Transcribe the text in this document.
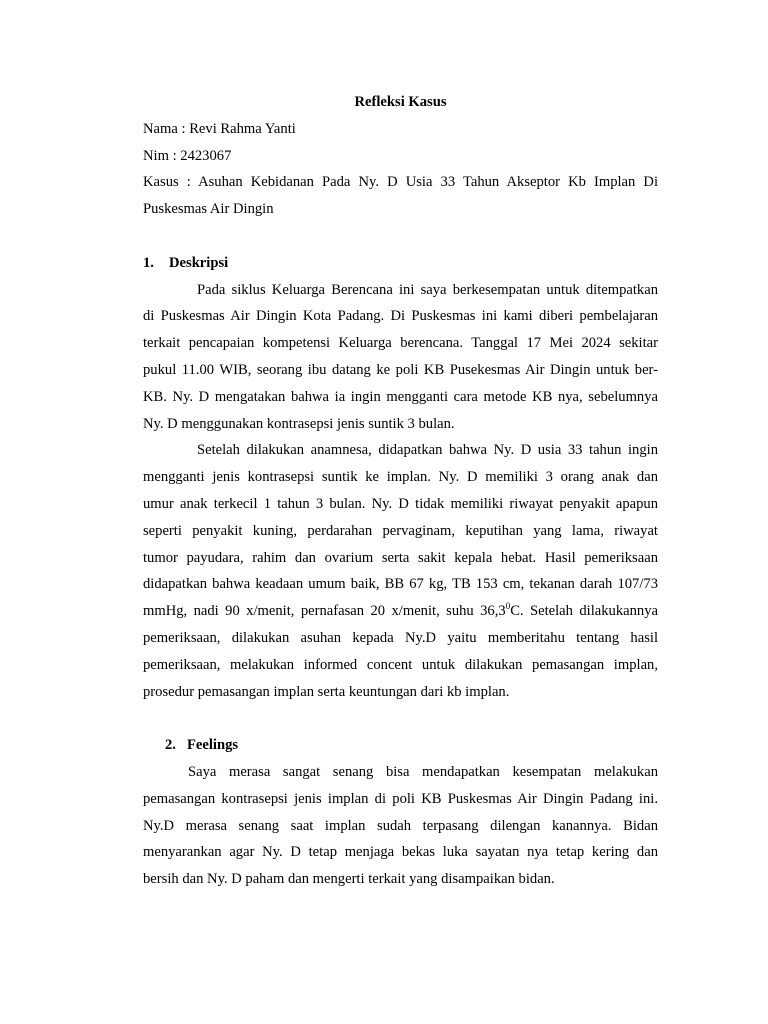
Refleksi Kasus
Nama : Revi Rahma Yanti
Nim : 2423067
Kasus : Asuhan Kebidanan Pada Ny. D Usia 33 Tahun Akseptor Kb Implan Di
Puskesmas Air Dingin
1. Deskripsi
Pada siklus Keluarga Berencana ini saya berkesempatan untuk ditempatkan
di Puskesmas Air Dingin Kota Padang. Di Puskesmas ini kami diberi pembelajaran
terkait pencapaian kompetensi Keluarga berencana. Tanggal 17 Mei 2024 sekitar
pukul 11.00 WIB, seorang ibu datang ke poli KB Pusekesmas Air Dingin untuk ber-
KB. Ny. D mengatakan bahwa ia ingin mengganti cara metode KB nya, sebelumnya
Ny. D menggunakan kontrasepsi jenis suntik 3 bulan.
Setelah dilakukan anamnesa, didapatkan bahwa Ny. D usia 33 tahun ingin
mengganti jenis kontrasepsi suntik ke implan. Ny. D memiliki 3 orang anak dan
umur anak terkecil 1 tahun 3 bulan. Ny. D tidak memiliki riwayat penyakit apapun
seperti penyakit kuning, perdarahan pervaginam, keputihan yang lama, riwayat
tumor payudara, rahim dan ovarium serta sakit kepala hebat. Hasil pemeriksaan
didapatkan bahwa keadaan umum baik, BB 67 kg, TB 153 cm, tekanan darah 107/73
mmHg, nadi 90 x/menit, pernafasan 20 x/menit, suhu 36,3$^0$C. Setelah dilakukannya
pemeriksaan, dilakukan asuhan kepada Ny.D yaitu memberitahu tentang hasil
pemeriksaan, melakukan informed concent untuk dilakukan pemasangan implan,
prosedur pemasangan implan serta keuntungan dari kb implan.
2. Feelings
Saya merasa sangat senang bisa mendapatkan kesempatan melakukan
pemasangan kontrasepsi jenis implan di poli KB Puskesmas Air Dingin Padang ini.
Ny.D merasa senang saat implan sudah terpasang dilengan kanannya. Bidan
menyarankan agar Ny. D tetap menjaga bekas luka sayatan nya tetap kering dan
bersih dan Ny. D paham dan mengerti terkait yang disampaikan bidan.
